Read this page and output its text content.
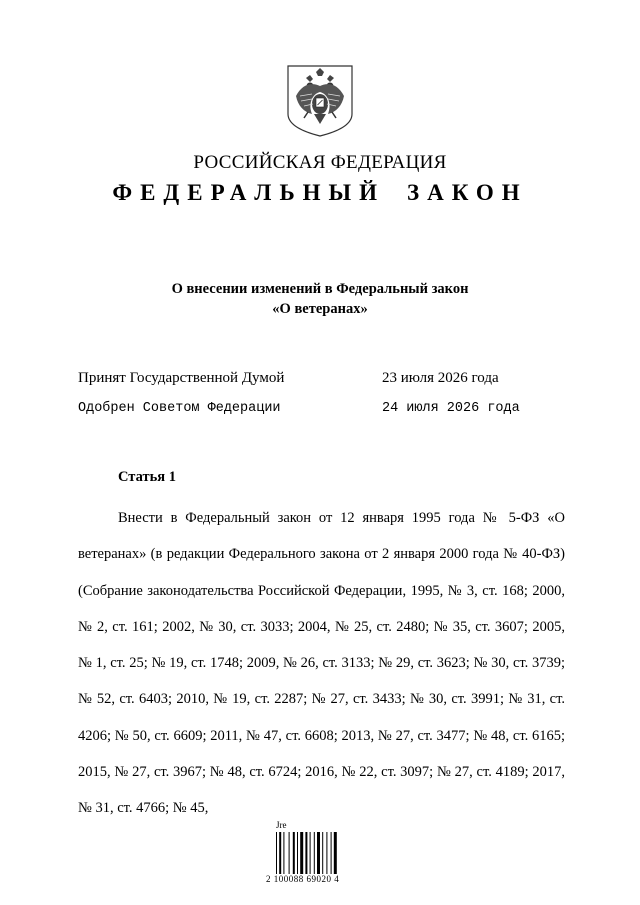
РОССИЙСКАЯ ФЕДЕРАЦИЯ
ФЕДЕРАЛЬНЫЙ ЗАКОН
О внесении изменений в Федеральный закон
«О ветеранах»
Принят Государственной Думой	23 июля 2026 года
Одобрен Советом Федерации	24 июля 2026 года
Статья 1
Внести в Федеральный закон от 12 января 1995 года № 5-ФЗ «О ветеранах» (в редакции Федерального закона от 2 января 2000 года № 40-ФЗ) (Собрание законодательства Российской Федерации, 1995, № 3, ст. 168; 2000, № 2, ст. 161; 2002, № 30, ст. 3033; 2004, № 25, ст. 2480; № 35, ст. 3607; 2005, № 1, ст. 25; № 19, ст. 1748; 2009, № 26, ст. 3133; № 29, ст. 3623; № 30, ст. 3739; № 52, ст. 6403; 2010, № 19, ст. 2287; № 27, ст. 3433; № 30, ст. 3991; № 31, ст. 4206; № 50, ст. 6609; 2011, № 47, ст. 6608; 2013, № 27, ст. 3477; № 48, ст. 6165; 2015, № 27, ст. 3967; № 48, ст. 6724; 2016, № 22, ст. 3097; № 27, ст. 4189; 2017, № 31, ст. 4766; № 45,
Jre
2 100088 69020 4
